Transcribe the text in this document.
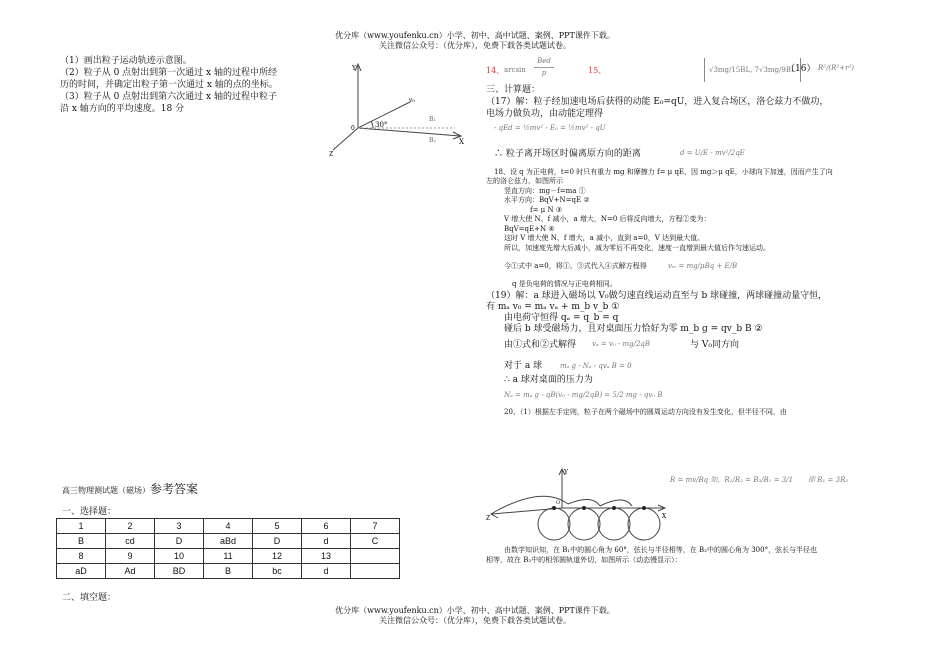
优分库（www.youfenku.cn）小学、初中、高中试题、案例、PPT课件下载。
关注微信公众号：（优分库），免费下载各类试题试卷。
（1）画出粒子运动轨迹示意图。
（2）粒子从 0 点射出到第一次通过 x 轴的过程中所经
历的时间，并确定出粒子第一次通过 x 轴的点的坐标。
（3）粒子从 0 点射出到第六次通过 x 轴的过程中粒子
沿 x 轴方向的平均速度。18 分
Y
X
Z
0
v₀
30°
B₁
B₂
高三物理测试题（磁场）参考答案
一、选择题：
1	2	3	4	5	6	7
B	cd	D	aBd	D	d	C
8	9	10	11	12	13	
aD	Ad	BD	B	bc	d	
二、填空题：
14、 arcsin
Bed
p	15、	√3mg/15BL, 7√3mg/9BL
（16） R²/(R²+r²)
三、计算题：
（17）解：粒子经加速电场后获得的动能 E₀=qU，进入复合场区，洛仑兹力不做功，
电场力做负功，由动能定理得
- qEd = ½mv² - E₀ = ½mv² - qU
∴ 粒子离开场区时偏离原方向的距离	d = U/E - mv²/2qE
18、设 q 为正电荷，t=0 时只有重力 mg 和摩擦力 f= μ qE，因 mg＞μ qE，小球向下加速，因而产生了向
左的洛仑兹力，如图所示
竖直方向：mg－f=ma ①
水平方向：BqV+N=qE ②
f= μ N ③
V 增大使 N、f 减小，a 增大，N=0 后将反向增大，方程②变为：
BqV=qE+N ④
这时 V 增大使 N、f 增大，a 减小，直到 a=0，V 达到最大值。
所以，加速度先增大后减小，减为零后不再变化，速度一直增到最大值后作匀速运动。
今①式中 a=0，将①、③式代入④式解方程得	vₘ = mg/μBq + E/B
q 是负电荷的情况与正电荷相同。
（19）解：a 球进入磁场以 V₀做匀速直线运动直至与 b 球碰撞，两球碰撞动量守恒，
有 mₐ v₀ = mₐ vₐ + m_b v_b ①
由电荷守恒得 qₐ = q_b = q
碰后 b 球受磁场力，且对桌面压力恰好为零 m_b g = qv_b B ②
由①式和②式解得 vₐ = v₀ - mg/2qB	与 V₀同方向
对于 a 球	mₐ g - Nₐ - qvₐ B = 0
∴ a 球对桌面的压力为
Nₐ = mₐ g - qB(v₀ - mg/2qB) = 5/2 mg - qv₀ B
20、（1）根据左手定则，粒子在两个磁场中的圆周运动方向没有发生变化，但半径不同，由
Y
X
Z
O
R = mv/Bq 知，R₁/R₂ = B₂/B₁ = 3/1 即 R₁ = 3R₂
由数学知识知，在 B₁中的圆心角为 60°，弦长与半径相等，在 B₂中的圆心角为 300°，弦长与半径也
相等，故在 B₂中的相邻圆轨道外切，如图所示（动态慢显示）：
优分库（www.youfenku.cn）小学、初中、高中试题、案例、PPT课件下载。
关注微信公众号：（优分库），免费下载各类试题试卷。
